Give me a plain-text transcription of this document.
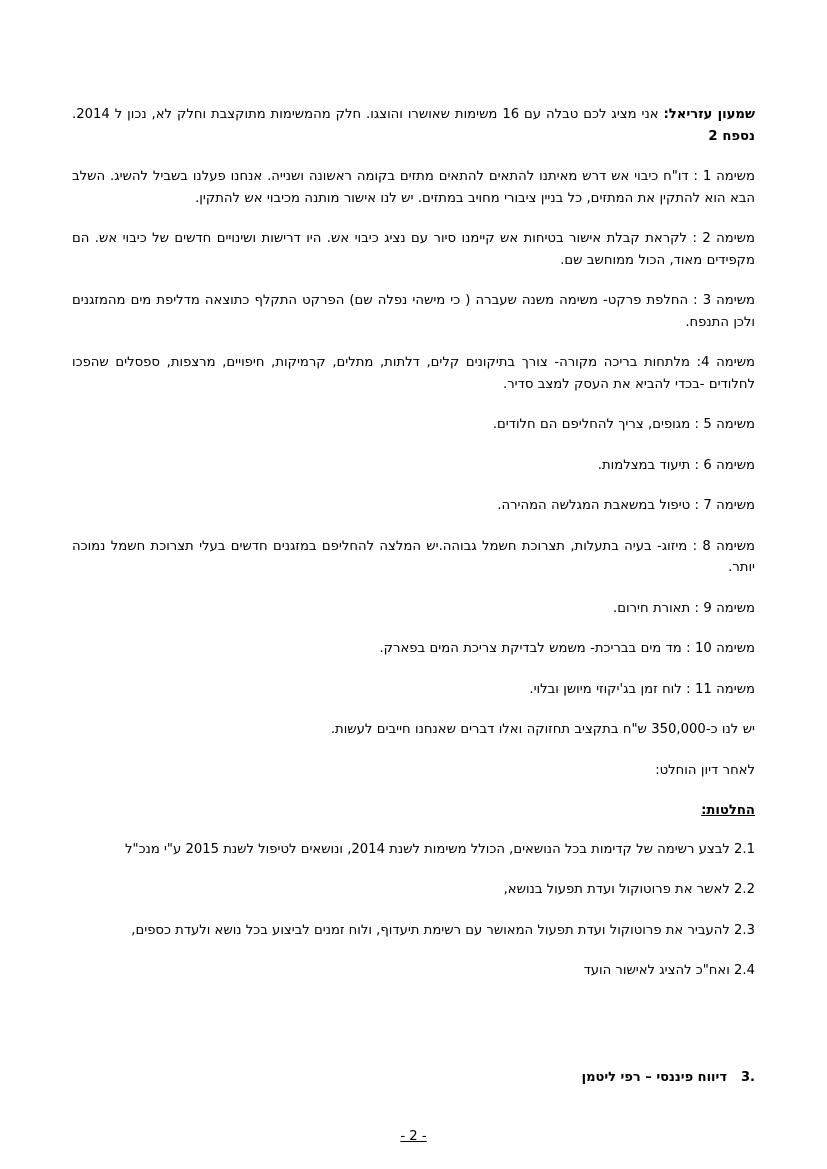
שמעון עזריאל: אני מציג לכם טבלה עם 16 משימות שאושרו והוצגו. חלק מהמשימות מתוקצבת וחלק לא, נכון ל 2014. נספח 2

משימה 1 : דו"ח כיבוי אש דרש מאיתנו להתאים להתאים מתזים בקומה ראשונה ושנייה. אנחנו פעלנו בשביל להשיג. השלב הבא הוא להתקין את המתזים, כל בניין ציבורי מחויב במתזים. יש לנו אישור מותנה מכיבוי אש להתקין.

משימה 2 : לקראת קבלת אישור בטיחות אש קיימנו סיור עם נציג כיבוי אש. היו דרישות ושינויים חדשים של כיבוי אש. הם מקפידים מאוד, הכול ממוחשב שם.

משימה 3 : החלפת פרקט- משימה משנה שעברה ( כי מישהי נפלה שם) הפרקט התקלף כתוצאה מדליפת מים מהמזגנים ולכן התנפח.

משימה 4: מלתחות בריכה מקורה- צורך בתיקונים קלים, דלתות, מתלים, קרמיקות, חיפויים, מרצפות, ספסלים שהפכו לחלודים -בכדי להביא את העסק למצב סדיר.

משימה 5 : מגופים, צריך להחליפם הם חלודים.

משימה 6 : תיעוד במצלמות.

משימה 7 : טיפול במשאבת המגלשה המהירה.

משימה 8 : מיזוג- בעיה בתעלות, תצרוכת חשמל גבוהה.יש המלצה להחליפם במזגנים חדשים בעלי תצרוכת חשמל נמוכה יותר.

משימה 9 : תאורת חירום.

משימה 10 : מד מים בבריכת- משמש לבדיקת צריכת המים בפארק.

משימה 11 : לוח זמן בג'יקוזי מיושן ובלוי.

יש לנו כ-350,000 ש"ח בתקציב תחזוקה ואלו דברים שאנחנו חייבים לעשות.

לאחר דיון הוחלט:

החלטות:

2.1 לבצע רשימה של קדימות בכל הנושאים, הכולל משימות לשנת 2014, ונושאים לטיפול לשנת 2015 ע"י מנכ"ל

2.2 לאשר את פרוטוקול ועדת תפעול בנושא,

2.3 להעביר את פרוטוקול ועדת תפעול המאושר עם רשימת תיעדוף, ולוח זמנים לביצוע בכל נושא ולעדת כספים,

2.4 ואח"כ להציג לאישור הועד

.3דיווח פיננסי – רפי ליטמן
- 2 -
